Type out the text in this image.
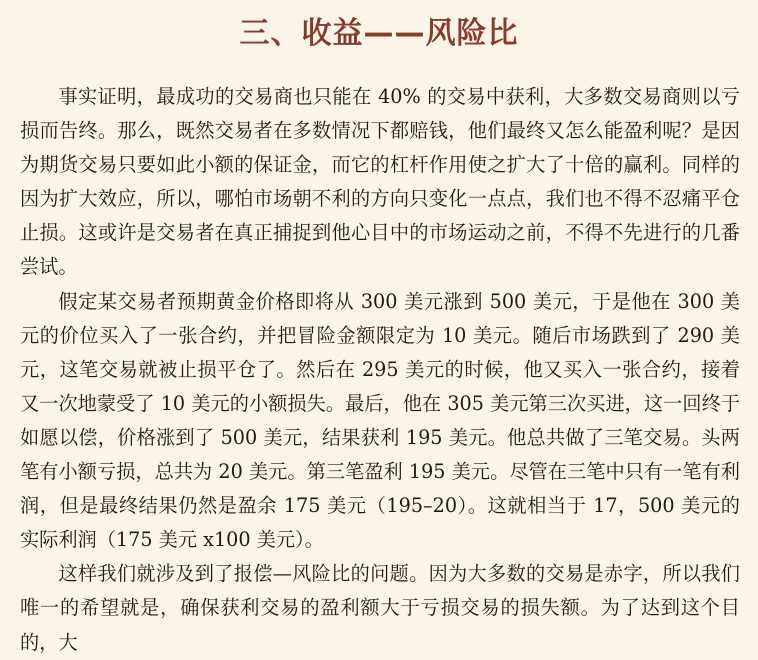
三、收益——风险比

事实证明，最成功的交易商也只能在 40% 的交易中获利，大多数交易商则以亏损而告终。那么，既然交易者在多数情况下都赔钱，他们最终又怎么能盈利呢？是因为期货交易只要如此小额的保证金，而它的杠杆作用使之扩大了十倍的赢利。同样的因为扩大效应，所以，哪怕市场朝不利的方向只变化一点点，我们也不得不忍痛平仓止损。这或许是交易者在真正捕捉到他心目中的市场运动之前，不得不先进行的几番尝试。

假定某交易者预期黄金价格即将从 300 美元涨到 500 美元，于是他在 300 美元的价位买入了一张合约，并把冒险金额限定为 10 美元。随后市场跌到了 290 美元，这笔交易就被止损平仓了。然后在 295 美元的时候，他又买入一张合约，接着又一次地蒙受了 10 美元的小额损失。最后，他在 305 美元第三次买进，这一回终于如愿以偿，价格涨到了 500 美元，结果获利 195 美元。他总共做了三笔交易。头两笔有小额亏损，总共为 20 美元。第三笔盈利 195 美元。尽管在三笔中只有一笔有利润，但是最终结果仍然是盈余 175 美元（195–20）。这就相当于 17，500 美元的实际利润（175 美元 x100 美元）。

这样我们就涉及到了报偿—风险比的问题。因为大多数的交易是赤字，所以我们唯一的希望就是，确保获利交易的盈利额大于亏损交易的损失额。为了达到这个目的，大
